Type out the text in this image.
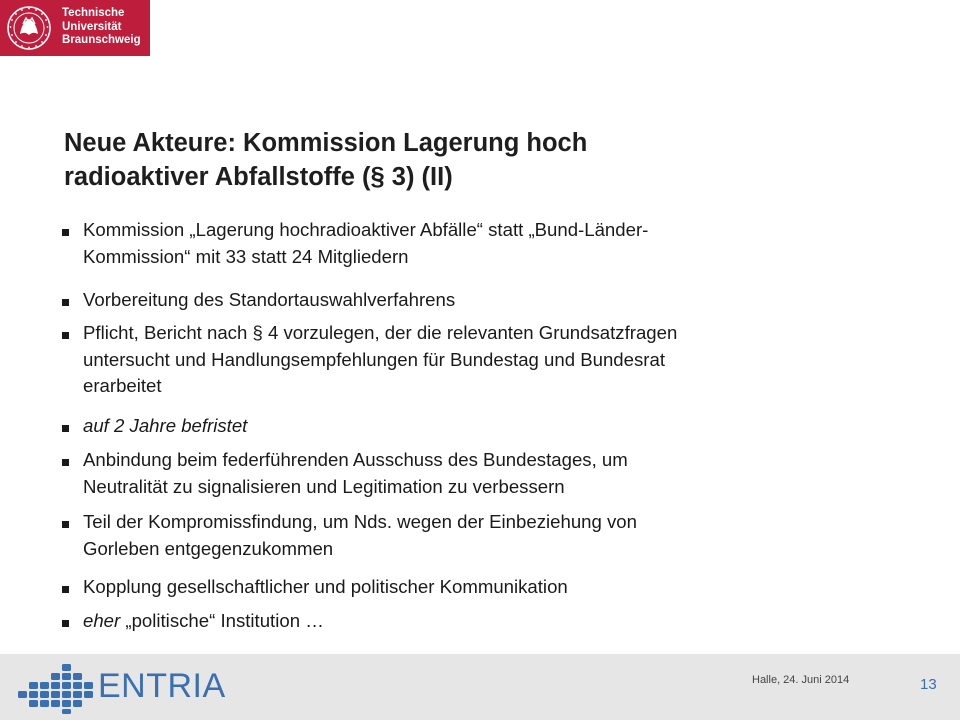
Technische
Universität
Braunschweig
Neue Akteure: Kommission Lagerung hoch
radioaktiver Abfallstoffe (§ 3) (II)
Kommission „Lagerung hochradioaktiver Abfälle“ statt „Bund-Länder-
Kommission“ mit 33 statt 24 Mitgliedern
Vorbereitung des Standortauswahlverfahrens
Pflicht, Bericht nach § 4 vorzulegen, der die relevanten Grundsatzfragen
untersucht und Handlungsempfehlungen für Bundestag und Bundesrat
erarbeitet
auf 2 Jahre befristet
Anbindung beim federführenden Ausschuss des Bundestages, um
Neutralität zu signalisieren und Legitimation zu verbessern
Teil der Kompromissfindung, um Nds. wegen der Einbeziehung von
Gorleben entgegenzukommen
Kopplung gesellschaftlicher und politischer Kommunikation
eher „politische“ Institution …
ENTRIA	Halle, 24. Juni 2014	13
